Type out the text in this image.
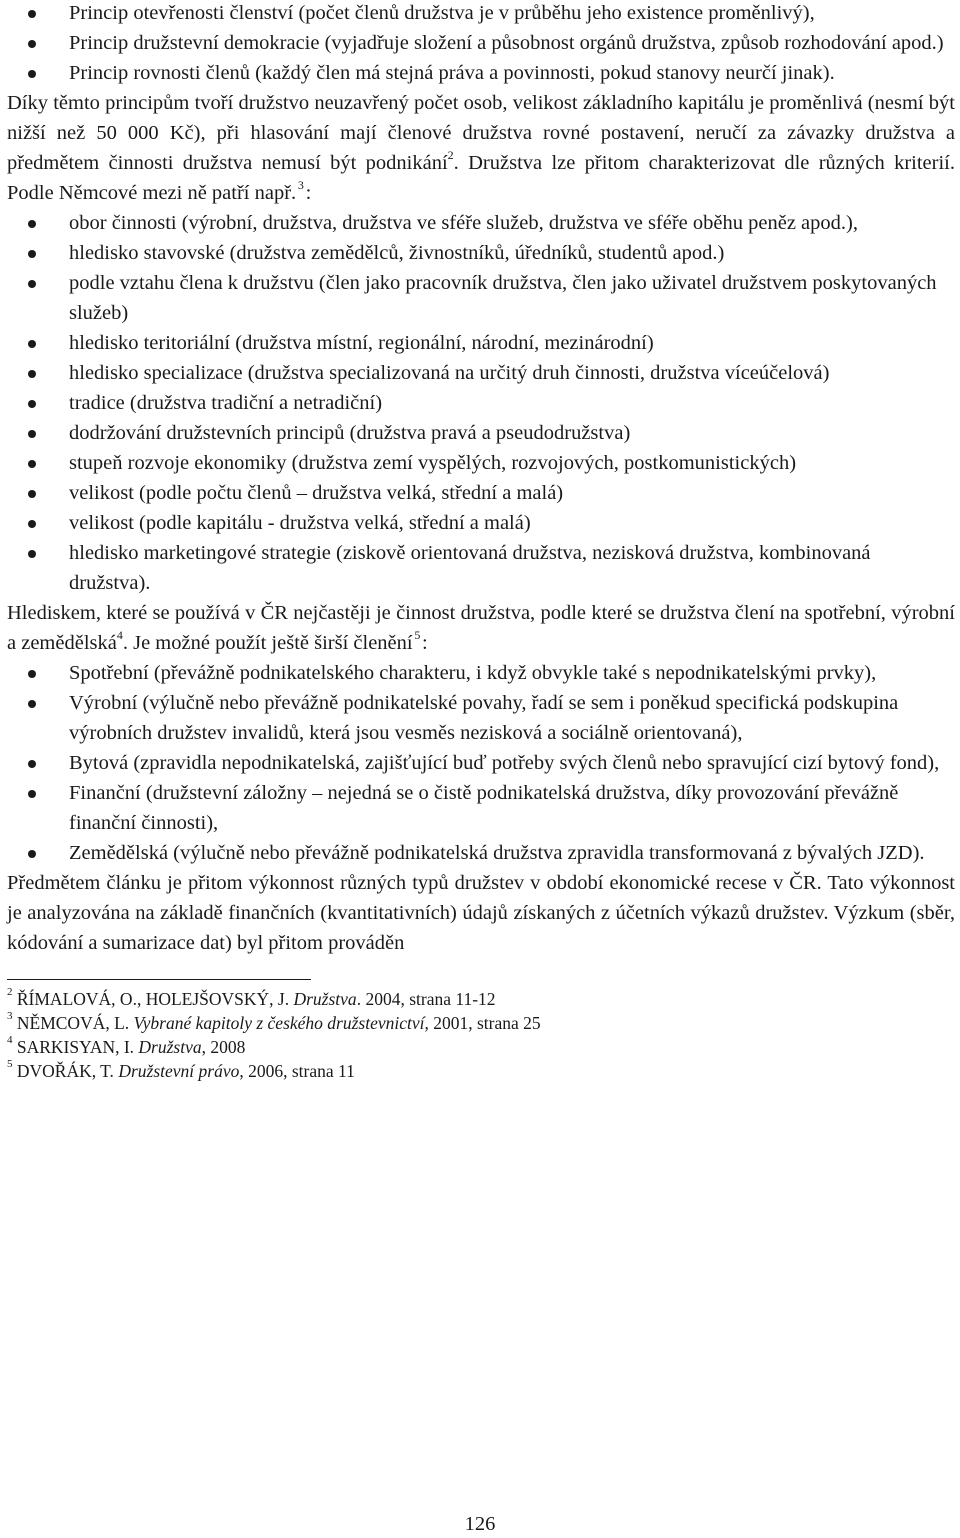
Princip otevřenosti členství (počet členů družstva je v průběhu jeho existence proměnlivý),
Princip družstevní demokracie (vyjadřuje složení a působnost orgánů družstva, způsob rozhodování apod.)
Princip rovnosti členů (každý člen má stejná práva a povinnosti, pokud stanovy neurčí jinak).

Díky těmto principům tvoří družstvo neuzavřený počet osob, velikost základního kapitálu je proměnlivá (nesmí být nižší než 50 000 Kč), při hlasování mají členové družstva rovné postavení, neručí za závazky družstva a předmětem činnosti družstva nemusí být podnikání$^2$. Družstva lze přitom charakterizovat dle různých kriterií. Podle Němcové mezi ně patří např.  $^3$ :

obor činnosti (výrobní, družstva, družstva ve sféře služeb, družstva ve sféře oběhu peněz apod.),
hledisko stavovské (družstva zemědělců, živnostníků, úředníků, studentů apod.)
podle vztahu člena k družstvu (člen jako pracovník družstva, člen jako uživatel družstvem poskytovaných služeb)
hledisko teritoriální (družstva místní, regionální, národní, mezinárodní)
hledisko specializace (družstva specializovaná na určitý druh činnosti, družstva víceúčelová)
tradice (družstva tradiční a netradiční)
dodržování družstevních principů (družstva pravá a pseudodružstva)
stupeň rozvoje ekonomiky (družstva zemí vyspělých, rozvojových, postkomunistických)
velikost (podle počtu členů – družstva velká, střední a malá)
velikost (podle kapitálu - družstva velká, střední a malá)
hledisko marketingové strategie (ziskově orientovaná družstva, nezisková družstva, kombinovaná družstva).

Hlediskem, které se používá v ČR nejčastěji je činnost družstva, podle které se družstva člení na spotřební, výrobní a zemědělská$^4$. Je možné použít ještě širší členění  $^5$ :

Spotřební (převážně podnikatelského charakteru, i když obvykle také s nepodnikatelskými prvky),
Výrobní (výlučně nebo převážně podnikatelské povahy, řadí se sem i poněkud specifická podskupina výrobních družstev invalidů, která jsou vesměs nezisková a sociálně orientovaná),
Bytová (zpravidla nepodnikatelská, zajišťující buď potřeby svých členů nebo spravující cizí bytový fond),
Finanční (družstevní záložny – nejedná se o čistě podnikatelská družstva, díky provozování převážně finanční činnosti),
Zemědělská (výlučně nebo převážně podnikatelská družstva zpravidla transformovaná z bývalých JZD).

Předmětem článku je přitom výkonnost různých typů družstev v období ekonomické recese v ČR. Tato výkonnost je analyzována na základě finančních (kvantitativních) údajů získaných z účetních výkazů družstev. Výzkum (sběr, kódování a sumarizace dat) byl přitom prováděn

$^2$ ŘÍMALOVÁ, O., HOLEJŠOVSKÝ, J. Družstva. 2004, strana 11-12

$^3$ NĚMCOVÁ, L. Vybrané kapitoly z českého družstevnictví, 2001, strana 25

$^4$ SARKISYAN, I. Družstva, 2008

$^5$ DVOŘÁK, T. Družstevní právo, 2006, strana 11

126
